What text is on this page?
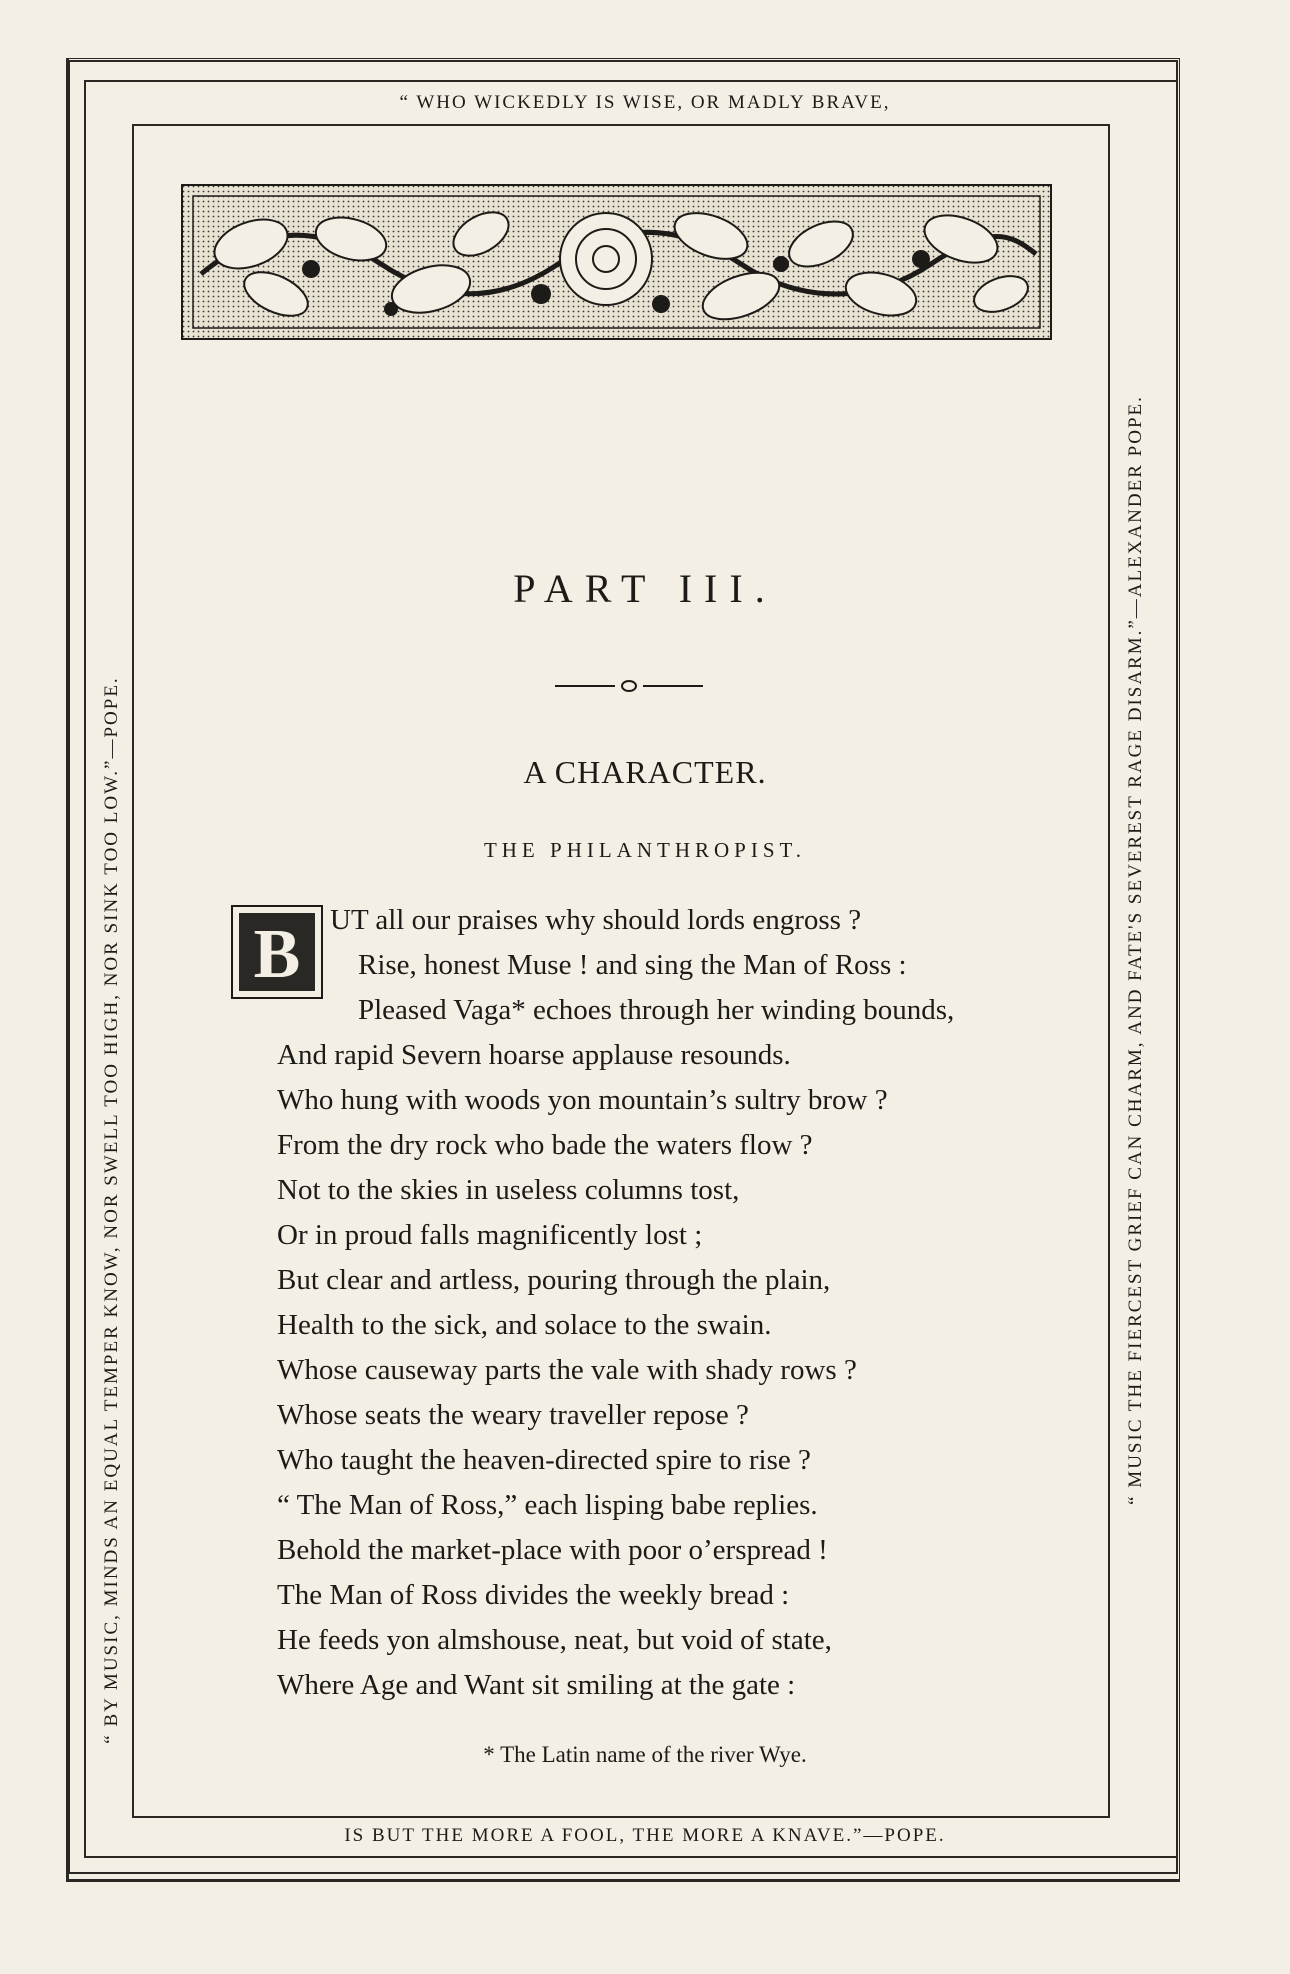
“ WHO WICKEDLY IS WISE, OR MADLY BRAVE,
IS BUT THE MORE A FOOL, THE MORE A KNAVE.”—POPE.
“ BY MUSIC, MINDS AN EQUAL TEMPER KNOW, NOR SWELL TOO HIGH, NOR SINK TOO LOW.”—POPE.	“ MUSIC THE FIERCEST GRIEF CAN CHARM, AND FATE'S SEVEREST RAGE DISARM.”—ALEXANDER POPE.
PART III.
A CHARACTER.
THE PHILANTHROPIST.
B UT all our praises why should lords engross ?
Rise, honest Muse ! and sing the Man of Ross :
Pleased Vaga* echoes through her winding bounds,
And rapid Severn hoarse applause resounds.
Who hung with woods yon mountain’s sultry brow ?
From the dry rock who bade the waters flow ?
Not to the skies in useless columns tost,
Or in proud falls magnificently lost ;
But clear and artless, pouring through the plain,
Health to the sick, and solace to the swain.
Whose causeway parts the vale with shady rows ?
Whose seats the weary traveller repose ?
Who taught the heaven-directed spire to rise ?
“ The Man of Ross,” each lisping babe replies.
Behold the market-place with poor o’erspread !
The Man of Ross divides the weekly bread :
He feeds yon almshouse, neat, but void of state,
Where Age and Want sit smiling at the gate :
* The Latin name of the river Wye.
